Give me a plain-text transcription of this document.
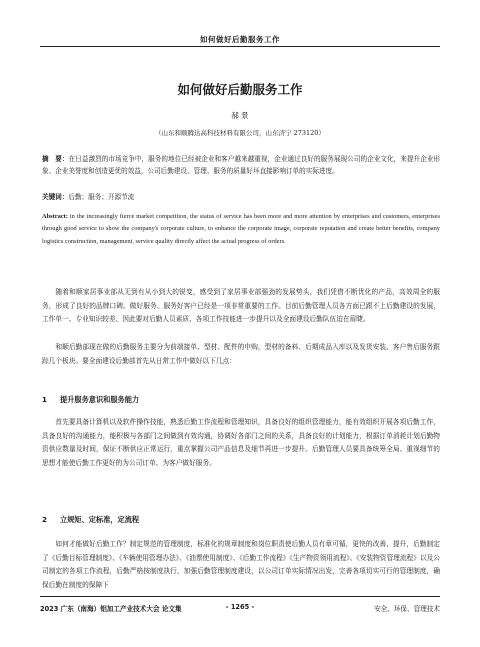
如何做好后勤服务工作
如何做好后勤服务工作
郝 景
（山东和顺腾达高科技材料有限公司，山东济宁 273120）
摘　要：在日益激烈的市场竞争中，服务的地位已经被企业和客户越来越重视，企业通过良好的服务展现公司的企业文化，来提升企业形象、企业美誉度和创造更优的效益，公司后勤建设、管理、服务的质量好坏直接影响订单的实际进度。
关键词：后勤；服务；开源节流
Abstract: in the increasingly fierce market competition, the status of service has been more and more attention by enterprises and customers, enterprises through good service to show the company's corporate culture, to enhance the corporate image, corporate reputation and create better benefits, company logistics construction, management, service quality directly affect the actual progress of orders.
随着和顺家居事业部从无到有从小到大的锐变，感受到了家居事业部强劲的发展势头，我们凭借不断优化的产品，高效周全的服务，形成了良好的品牌口碑。做好服务、服务好客户已经是一项非常重要的工作。目前后勤管理人员各方面已跟不上后勤建设的发展，工作单一、专业知识较差、因此要对后勤人员素质、各项工作技能进一步提升以及全面建设后勤队伍迫在眉睫。
和顺后勤部现在做的后勤服务主要分为前端接单、型材、配件的申购，型材的备料、后期成品入库以及发货安装、客户售后服务跟踪几个板块。要全面建设后勤部首先从日常工作中做好以下几点：
1 提升服务意识和服务能力
首先要具备计算机以及软件操作技能，熟悉后勤工作流程和管理知识，具备良好的组织管理能力，能有效组织开展各项后勤工作，具备良好的沟通能力，能积极与各部门之间做到有效沟通，协调好各部门之间的关系，具备良好的计划能力，根据订单消耗计划后勤物资供应数量及时间，保证不断供应正常运行，重点掌握公司产品信息及细节再进一步提升。后勤管理人员要具备统筹全局、重视细节的思想才能使后勤工作更好的为公司订单、为客户做好服务。
2 立规矩、定标准，定流程
如何才能做好后勤工作？制定规范的管理制度，标准化的规章制度和岗位职责使后勤人员有章可循，更快的改善、提升，后勤制定了《后勤目标管理制度》、《车辆使用管理办法》、《油票使用制度》、《后勤工作流程》《生产物资领用流程》、《安装物资管理流程》以及公司制定的各项工作流程，后勤严格按制度执行，加强后勤管理制度建设，以公司订单实际情况出发，完善各项切实可行的管理制度，确保后勤在制度的保障下
2023 广东（南海）铝加工产业技术大会 论文集	- 1265 -	安全、环保、管理技术
